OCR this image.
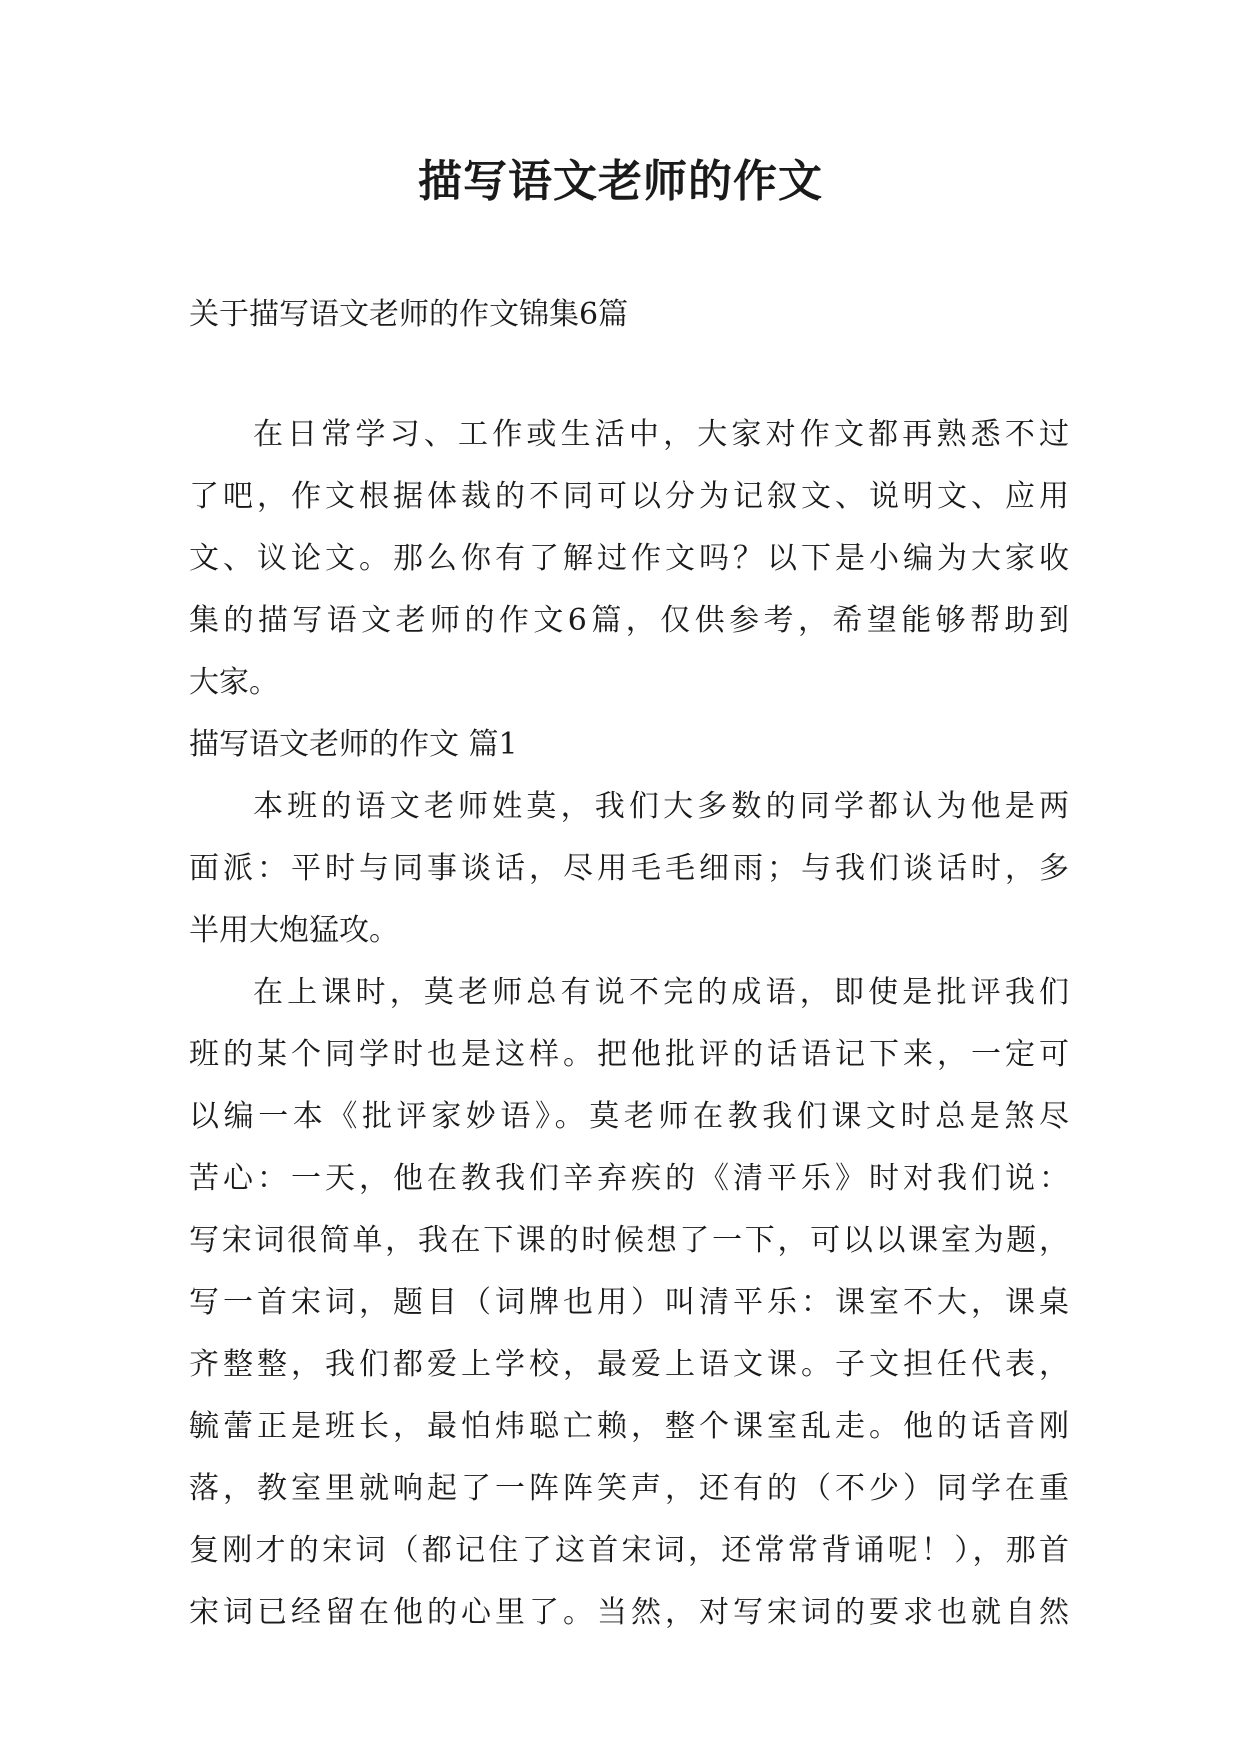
描写语文老师的作文
关于描写语文老师的作文锦集6篇
在日常学习、工作或生活中，大家对作文都再熟悉不过
了吧，作文根据体裁的不同可以分为记叙文、说明文、应用
文、议论文。那么你有了解过作文吗？以下是小编为大家收
集的描写语文老师的作文6篇，仅供参考，希望能够帮助到
大家。
描写语文老师的作文 篇1
本班的语文老师姓莫，我们大多数的同学都认为他是两
面派：平时与同事谈话，尽用毛毛细雨；与我们谈话时，多
半用大炮猛攻。
在上课时，莫老师总有说不完的成语，即使是批评我们
班的某个同学时也是这样。把他批评的话语记下来，一定可
以编一本《批评家妙语》。莫老师在教我们课文时总是煞尽
苦心：一天，他在教我们辛弃疾的《清平乐》时对我们说：
写宋词很简单，我在下课的时候想了一下，可以以课室为题，
写一首宋词，题目（词牌也用）叫清平乐：课室不大，课桌
齐整整，我们都爱上学校，最爱上语文课。子文担任代表，
毓蕾正是班长，最怕炜聪亡赖，整个课室乱走。他的话音刚
落，教室里就响起了一阵阵笑声，还有的（不少）同学在重
复刚才的宋词（都记住了这首宋词，还常常背诵呢！），那首
宋词已经留在他的心里了。当然，对写宋词的要求也就自然
